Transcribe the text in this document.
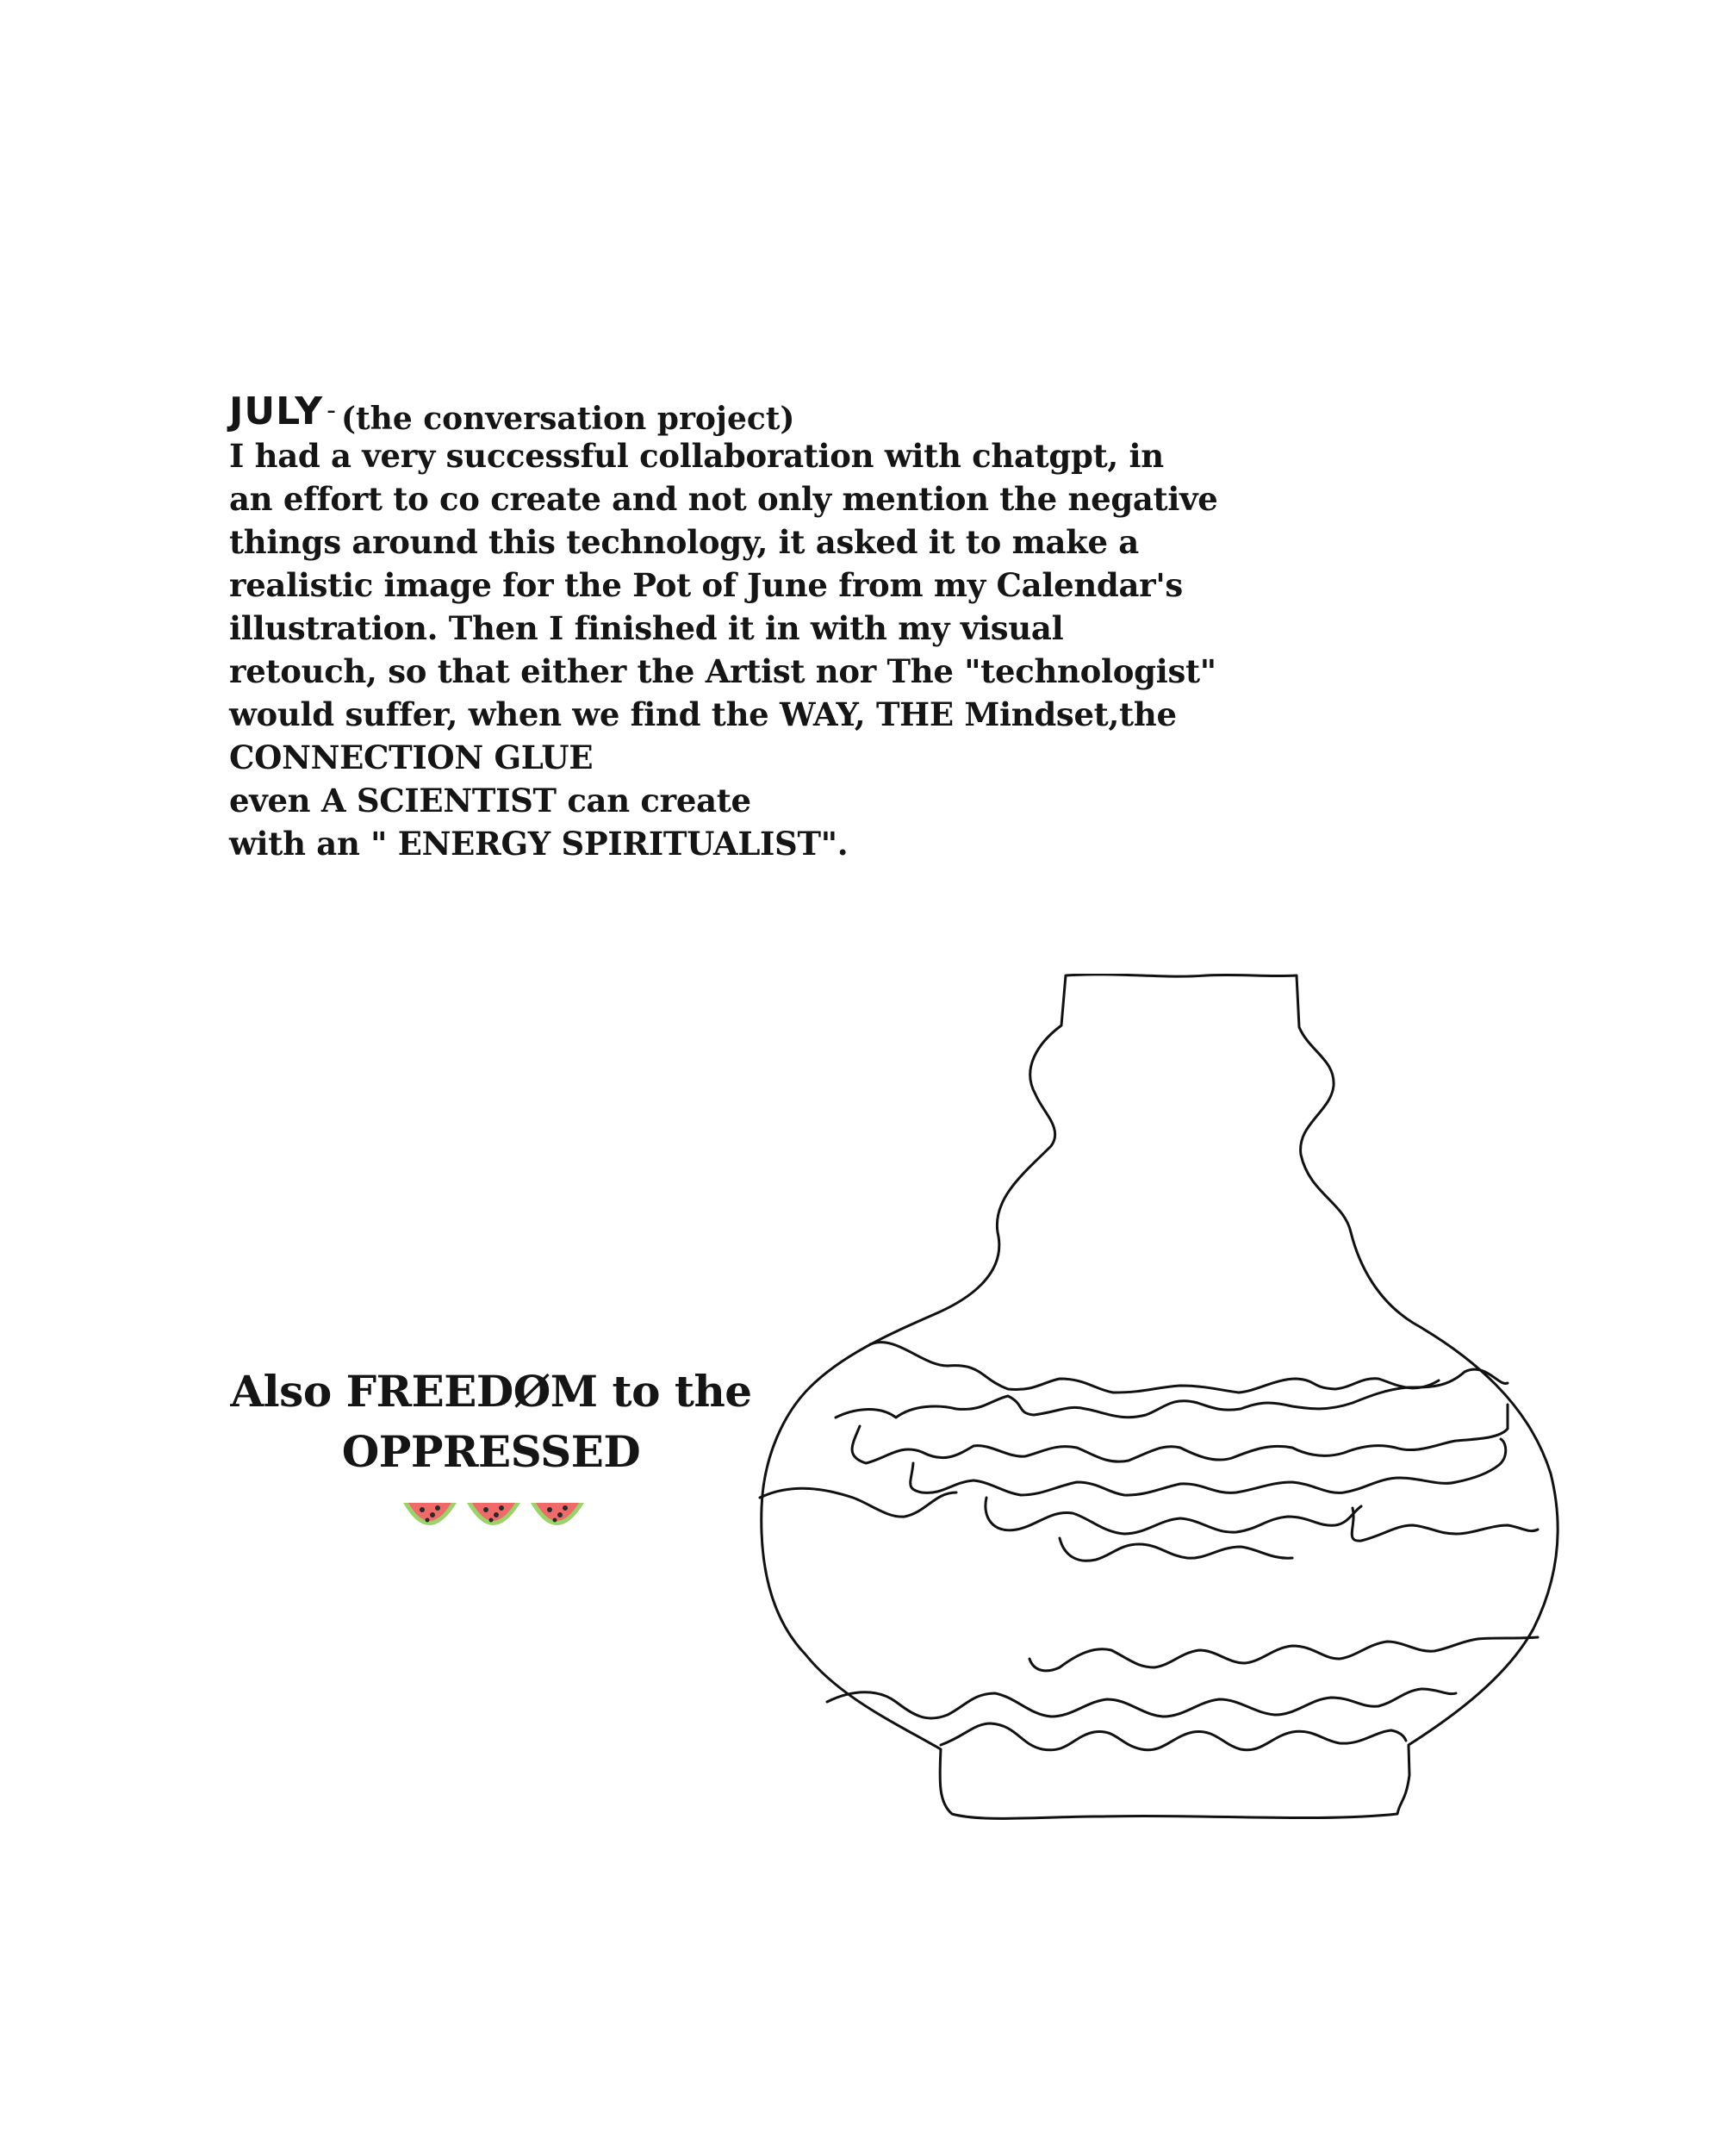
JULY - (the conversation project)
I had a very successful collaboration with chatgpt, in
an effort to co create and not only mention the negative
things around this technology, it asked it to make a
realistic image for the Pot of June from my Calendar's
illustration. Then I finished it in with my visual
retouch, so that either the Artist nor The "technologist"
would suffer, when we find the WAY, THE Mindset,the
CONNECTION GLUE
even A SCIENTIST can create
with an " ENERGY SPIRITUALIST".
Also FREEDØM to the
OPPRESSED
